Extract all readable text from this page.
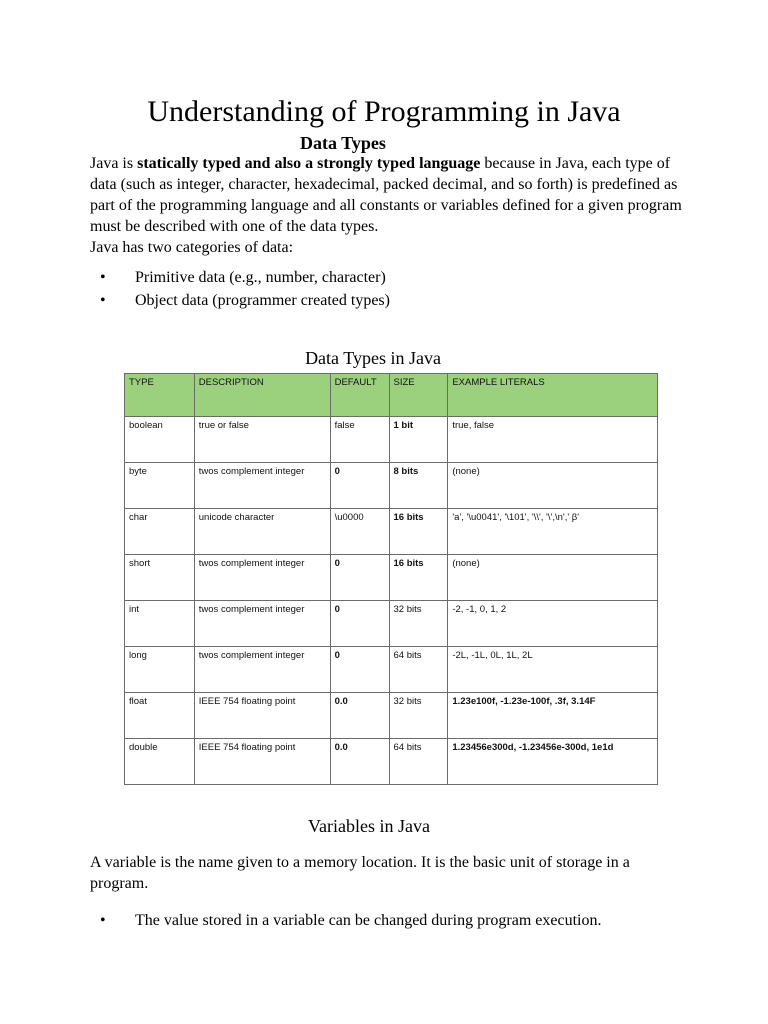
Understanding of Programming in Java
Data Types

Java is statically typed and also a strongly typed language because in Java, each type of data (such as integer, character, hexadecimal, packed decimal, and so forth) is predefined as part of the programming language and all constants or variables defined for a given program must be described with one of the data types.

Java has two categories of data:

• Primitive data (e.g., number, character)
• Object data (programmer created types)
Data Types in Java
TYPE	DESCRIPTION	DEFAULT	SIZE	EXAMPLE LITERALS
boolean	true or false	false	1 bit	true, false
byte	twos complement integer	0	8 bits	(none)
char	unicode character	\u0000	16 bits	'a', '\u0041', '\101', '\\', '\',\n',' β'
short	twos complement integer	0	16 bits	(none)
int	twos complement integer	0	32 bits	-2, -1, 0, 1, 2
long	twos complement integer	0	64 bits	-2L, -1L, 0L, 1L, 2L
float	IEEE 754 floating point	0.0	32 bits	1.23e100f, -1.23e-100f, .3f, 3.14F
double	IEEE 754 floating point	0.0	64 bits	1.23456e300d, -1.23456e-300d, 1e1d
Variables in Java

A variable is the name given to a memory location. It is the basic unit of storage in a program.

• The value stored in a variable can be changed during program execution.
